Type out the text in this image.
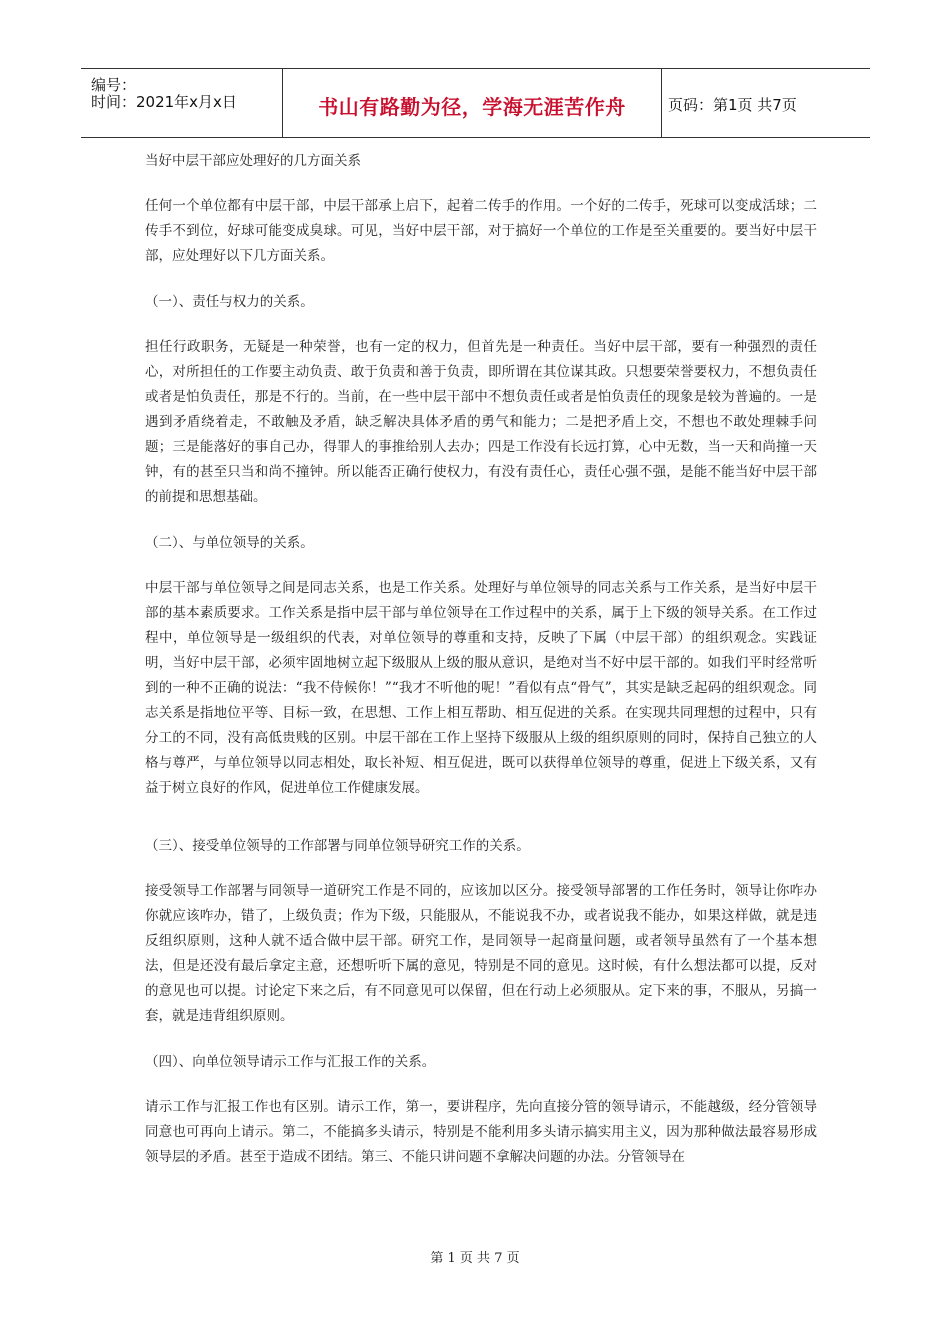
编号：
时间：2021年x月x日	书山有路勤为径，学海无涯苦作舟	页码：第1页 共7页

当好中层干部应处理好的几方面关系

任何一个单位都有中层干部，中层干部承上启下，起着二传手的作用。一个好的二传手，死球可以变成活球；二传手不到位，好球可能变成臭球。可见，当好中层干部，对于搞好一个单位的工作是至关重要的。要当好中层干部，应处理好以下几方面关系。

（一）、责任与权力的关系。

担任行政职务，无疑是一种荣誉，也有一定的权力，但首先是一种责任。当好中层干部，要有一种强烈的责任心，对所担任的工作要主动负责、敢于负责和善于负责，即所谓在其位谋其政。只想要荣誉要权力，不想负责任或者是怕负责任，那是不行的。当前，在一些中层干部中不想负责任或者是怕负责任的现象是较为普遍的。一是遇到矛盾绕着走，不敢触及矛盾，缺乏解决具体矛盾的勇气和能力；二是把矛盾上交，不想也不敢处理棘手问题；三是能落好的事自己办，得罪人的事推给别人去办；四是工作没有长远打算，心中无数，当一天和尚撞一天钟，有的甚至只当和尚不撞钟。所以能否正确行使权力，有没有责任心，责任心强不强，是能不能当好中层干部的前提和思想基础。

（二）、与单位领导的关系。

中层干部与单位领导之间是同志关系，也是工作关系。处理好与单位领导的同志关系与工作关系，是当好中层干部的基本素质要求。工作关系是指中层干部与单位领导在工作过程中的关系，属于上下级的领导关系。在工作过程中，单位领导是一级组织的代表，对单位领导的尊重和支持，反映了下属（中层干部）的组织观念。实践证明，当好中层干部，必须牢固地树立起下级服从上级的服从意识，是绝对当不好中层干部的。如我们平时经常听到的一种不正确的说法：“我不侍候你！”“我才不听他的呢！”看似有点“骨气”，其实是缺乏起码的组织观念。同志关系是指地位平等、目标一致，在思想、工作上相互帮助、相互促进的关系。在实现共同理想的过程中，只有分工的不同，没有高低贵贱的区别。中层干部在工作上坚持下级服从上级的组织原则的同时，保持自己独立的人格与尊严，与单位领导以同志相处，取长补短、相互促进，既可以获得单位领导的尊重，促进上下级关系，又有益于树立良好的作风，促进单位工作健康发展。

（三）、接受单位领导的工作部署与同单位领导研究工作的关系。

接受领导工作部署与同领导一道研究工作是不同的，应该加以区分。接受领导部署的工作任务时，领导让你咋办你就应该咋办，错了，上级负责；作为下级，只能服从，不能说我不办，或者说我不能办，如果这样做，就是违反组织原则，这种人就不适合做中层干部。研究工作，是同领导一起商量问题，或者领导虽然有了一个基本想法，但是还没有最后拿定主意，还想听听下属的意见，特别是不同的意见。这时候，有什么想法都可以提，反对的意见也可以提。讨论定下来之后，有不同意见可以保留，但在行动上必须服从。定下来的事，不服从，另搞一套，就是违背组织原则。

（四）、向单位领导请示工作与汇报工作的关系。

请示工作与汇报工作也有区别。请示工作，第一，要讲程序，先向直接分管的领导请示，不能越级，经分管领导同意也可再向上请示。第二，不能搞多头请示，特别是不能利用多头请示搞实用主义，因为那种做法最容易形成领导层的矛盾。甚至于造成不团结。第三、不能只讲问题不拿解决问题的办法。分管领导在

第 1 页 共 7 页
